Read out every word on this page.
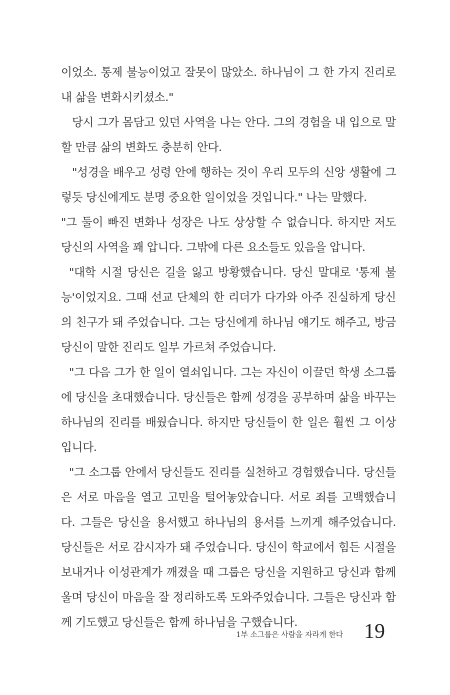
이었소. 통제 불능이었고 잘못이 많았소. 하나님이 그 한 가지 진리로 내 삶을 변화시키셨소."

당시 그가 몸담고 있던 사역을 나는 안다. 그의 경험을 내 입으로 말할 만큼 삶의 변화도 충분히 안다.

"성경을 배우고 성령 안에 행하는 것이 우리 모두의 신앙 생활에 그렇듯 당신에게도 분명 중요한 일이었을 것입니다." 나는 말했다.

"그 둘이 빠진 변화나 성장은 나도 상상할 수 없습니다. 하지만 저도 당신의 사역을 꽤 압니다. 그밖에 다른 요소들도 있음을 압니다.

"대학 시절 당신은 길을 잃고 방황했습니다. 당신 말대로 '통제 불능'이었지요. 그때 선교 단체의 한 리더가 다가와 아주 진실하게 당신의 친구가 돼 주었습니다. 그는 당신에게 하나님 얘기도 해주고, 방금 당신이 말한 진리도 일부 가르쳐 주었습니다.

"그 다음 그가 한 일이 열쇠입니다. 그는 자신이 이끌던 학생 소그룹에 당신을 초대했습니다. 당신들은 함께 성경을 공부하며 삶을 바꾸는 하나님의 진리를 배웠습니다. 하지만 당신들이 한 일은 훨씬 그 이상입니다.

"그 소그룹 안에서 당신들도 진리를 실천하고 경험했습니다. 당신들은 서로 마음을 열고 고민을 털어놓았습니다. 서로 죄를 고백했습니다. 그들은 당신을 용서했고 하나님의 용서를 느끼게 해주었습니다. 당신들은 서로 감시자가 돼 주었습니다. 당신이 학교에서 힘든 시절을 보내거나 이성관계가 깨졌을 때 그룹은 당신을 지원하고 당신과 함께 울며 당신이 마음을 잘 정리하도록 도와주었습니다. 그들은 당신과 함께 기도했고 당신들은 함께 하나님을 구했습니다.

1부 소그룹은 사람을 자라게 한다 19
